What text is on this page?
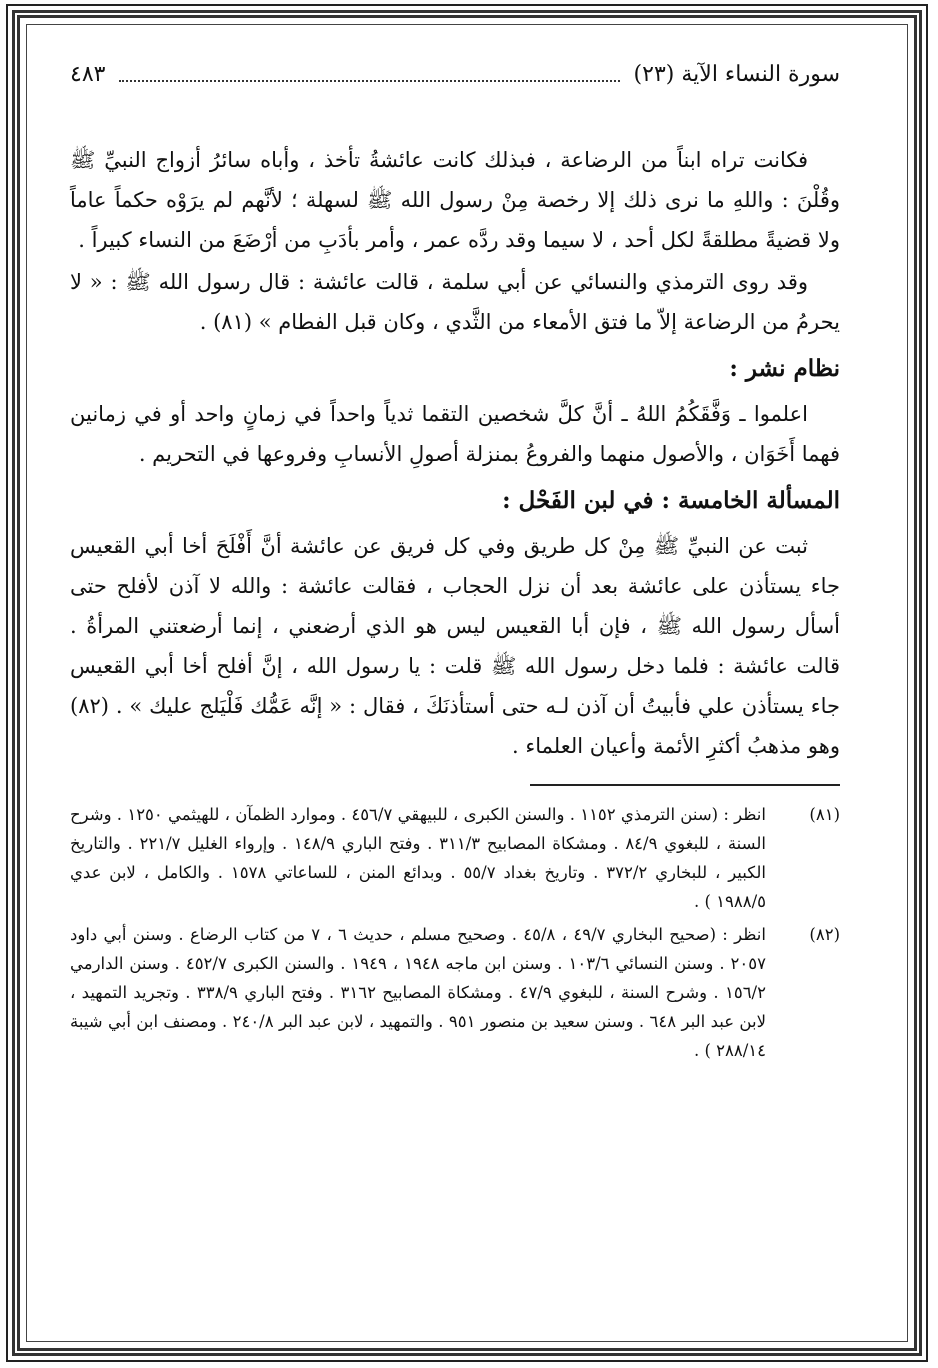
سورة النساء الآية (٢٣)
٤٨٣

فكانت تراه ابناً من الرضاعة ، فبذلك كانت عائشةُ تأخذ ، وأباه سائرُ أزواج النبيِّ ﷺ وقُلْنَ : واللهِ ما نرى ذلك إلا رخصة مِنْ رسول الله ﷺ لسهلة ؛ لأنَّهم لم يرَوْه حكماً عاماً ولا قضيةً مطلقةً لكل أحد ، لا سيما وقد ردَّه عمر ، وأمر بأدَبِ من أرْضَعَ من النساء كبيراً .

وقد روى الترمذي والنسائي عن أبي سلمة ، قالت عائشة : قال رسول الله ﷺ : « لا يحرمُ من الرضاعة إلاّ ما فتق الأمعاء من الثَّدي ، وكان قبل الفطام » (٨١) .

نظام نشر :

اعلموا ـ وَفَّقَكُمُ اللهُ ـ أنَّ كلَّ شخصين التقما ثدياً واحداً في زمانٍ واحد أو في زمانين فهما أَخَوَان ، والأصول منهما والفروعُ بمنزلة أصولِ الأنسابِ وفروعها في التحريم .

المسألة الخامسة : في لبن الفَحْل :

ثبت عن النبيِّ ﷺ مِنْ كل طريق وفي كل فريق عن عائشة أنَّ أَفْلَحَ أخا أبي القعيس جاء يستأذن على عائشة بعد أن نزل الحجاب ، فقالت عائشة : والله لا آذن لأفلح حتى أسأل رسول الله ﷺ ، فإن أبا القعيس ليس هو الذي أرضعني ، إنما أرضعتني المرأةُ . قالت عائشة : فلما دخل رسول الله ﷺ قلت : يا رسول الله ، إنَّ أفلح أخا أبي القعيس جاء يستأذن علي فأبيتُ أن آذن لـه حتى أستأذنَكَ ، فقال : « إنَّه عَمُّك فَلْيَلج عليك » . (٨٢) وهو مذهبُ أكثرِ الأئمة وأعيان العلماء .

(٨١)
انظر : (سنن الترمذي ١١٥٢ . والسنن الكبرى ، للبيهقي ٤٥٦/٧ . وموارد الظمآن ، للهيثمي ١٢٥٠ . وشرح السنة ، للبغوي ٨٤/٩ . ومشكاة المصابيح ٣١١/٣ . وفتح الباري ١٤٨/٩ . وإرواء الغليل ٢٢١/٧ . والتاريخ الكبير ، للبخاري ٣٧٢/٢ . وتاريخ بغداد ٥٥/٧ . وبدائع المنن ، للساعاتي ١٥٧٨ . والكامل ، لابن عدي ١٩٨٨/٥ ) .
(٨٢)
انظر : (صحيح البخاري ٤٩/٧ ، ٤٥/٨ . وصحيح مسلم ، حديث ٦ ، ٧ من كتاب الرضاع . وسنن أبي داود ٢٠٥٧ . وسنن النسائي ١٠٣/٦ . وسنن ابن ماجه ١٩٤٨ ، ١٩٤٩ . والسنن الكبرى ٤٥٢/٧ . وسنن الدارمي ١٥٦/٢ . وشرح السنة ، للبغوي ٤٧/٩ . ومشكاة المصابيح ٣١٦٢ . وفتح الباري ٣٣٨/٩ . وتجريد التمهيد ، لابن عبد البر ٦٤٨ . وسنن سعيد بن منصور ٩٥١ . والتمهيد ، لابن عبد البر ٢٤٠/٨ . ومصنف ابن أبي شيبة ٢٨٨/١٤ ) .
